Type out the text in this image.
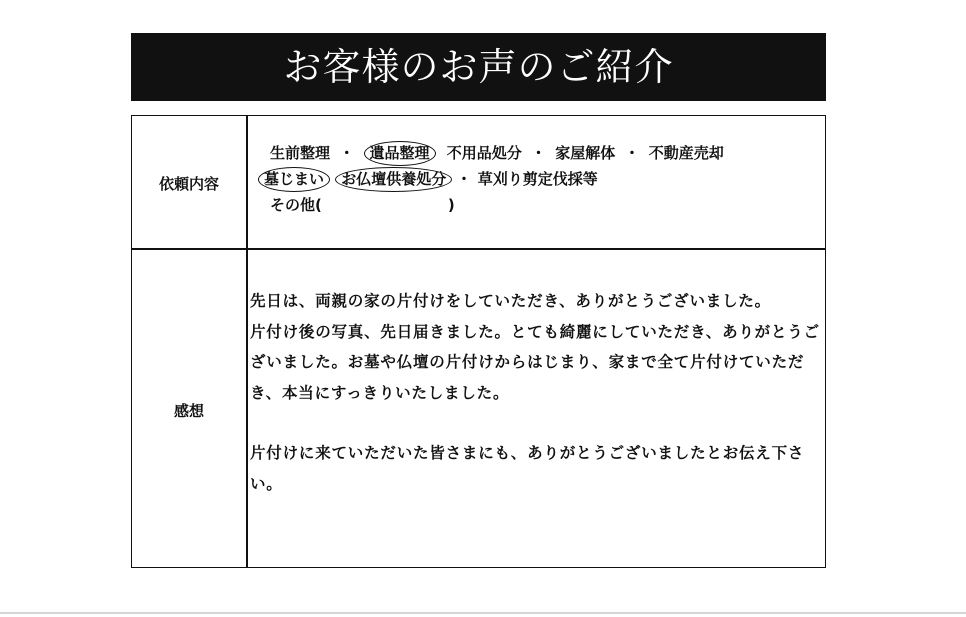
お客様のお声のご紹介
依頼内容
感想
生前整理 ・ 遺品整理 不用品処分 ・ 家屋解体 ・ 不動産売却
墓じまい お仏壇供養処分 ・ 草刈り剪定伐採等
その他(	)

先日は、両親の家の片付けをしていただき、ありがとうございました。

片付け後の写真、先日届きました。とても綺麗にしていただき、ありがとうございました。お墓や仏壇の片付けからはじまり、家まで全て片付けていただき、本当にすっきりいたしました。

片付けに来ていただいた皆さまにも、ありがとうございましたとお伝え下さい。
